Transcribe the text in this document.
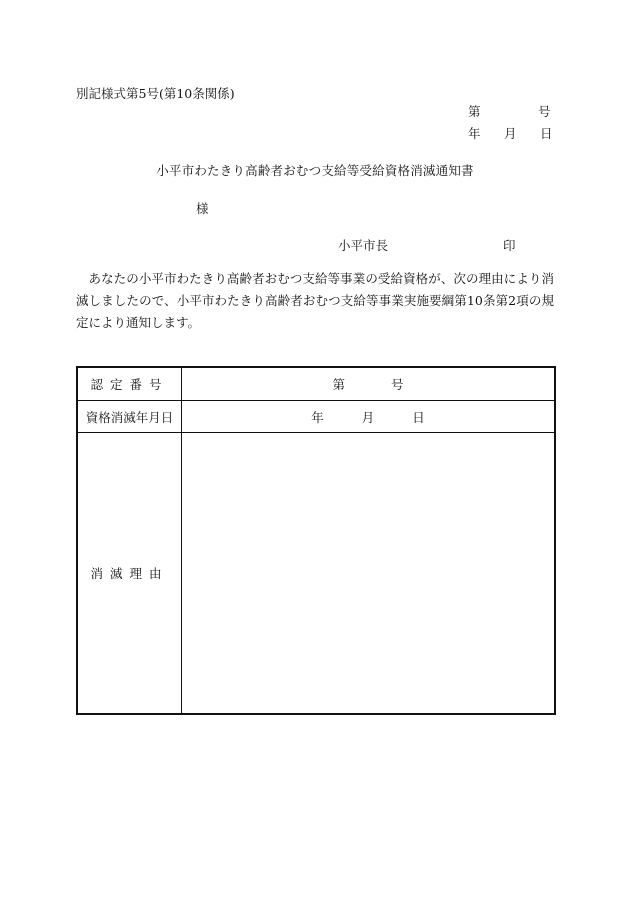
別記様式第5号(第10条関係)
第	号
年 月 日
小平市わたきり高齢者おむつ支給等受給資格消滅通知書
様
小平市長	印
あなたの小平市わたきり高齢者おむつ支給等事業の受給資格が、次の理由により消滅しましたので、小平市わたきり高齢者おむつ支給等事業実施要綱第10条第2項の規定により通知します。
認定番号	第 号
資格消滅年月日	年 月 日
消滅理由	
